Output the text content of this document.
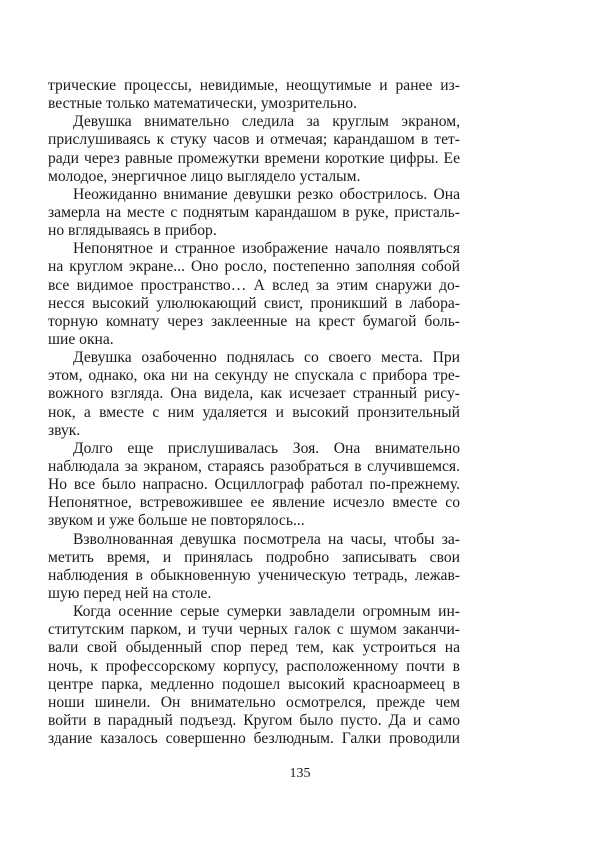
трические процессы, невидимые, неощутимые и ранее из-
вестные только математически, умозрительно.
Девушка внимательно следила за круглым экраном,
прислушиваясь к стуку часов и отмечая; карандашом в тет-
ради через равные промежутки времени короткие цифры. Ее
молодое, энергичное лицо выглядело усталым.
Неожиданно внимание девушки резко обострилось. Она
замерла на месте с поднятым карандашом в руке, присталь-
но вглядываясь в прибор.
Непонятное и странное изображение начало появляться
на круглом экране... Оно росло, постепенно заполняя собой
все видимое пространство… А вслед за этим снаружи до-
несся высокий улюлюкающий свист, проникший в лабора-
торную комнату через заклеенные на крест бумагой боль-
шие окна.
Девушка озабоченно поднялась со своего места. При
этом, однако, ока ни на секунду не спускала с прибора тре-
вожного взгляда. Она видела, как исчезает странный рису-
нок, а вместе с ним удаляется и высокий пронзительный
звук.
Долго еще прислушивалась Зоя. Она внимательно
наблюдала за экраном, стараясь разобраться в случившемся.
Но все было напрасно. Осциллограф работал по-прежнему.
Непонятное, встревожившее ее явление исчезло вместе со
звуком и уже больше не повторялось...
Взволнованная девушка посмотрела на часы, чтобы за-
метить время, и принялась подробно записывать свои
наблюдения в обыкновенную ученическую тетрадь, лежав-
шую перед ней на столе.
Когда осенние серые сумерки завладели огромным ин-
ститутским парком, и тучи черных галок с шумом заканчи-
вали свой обыденный спор перед тем, как устроиться на
ночь, к профессорскому корпусу, расположенному почти в
центре парка, медленно подошел высокий красноармеец в
ноши шинели. Он внимательно осмотрелся, прежде чем
войти в парадный подъезд. Кругом было пусто. Да и само
здание казалось совершенно безлюдным. Галки проводили
135
